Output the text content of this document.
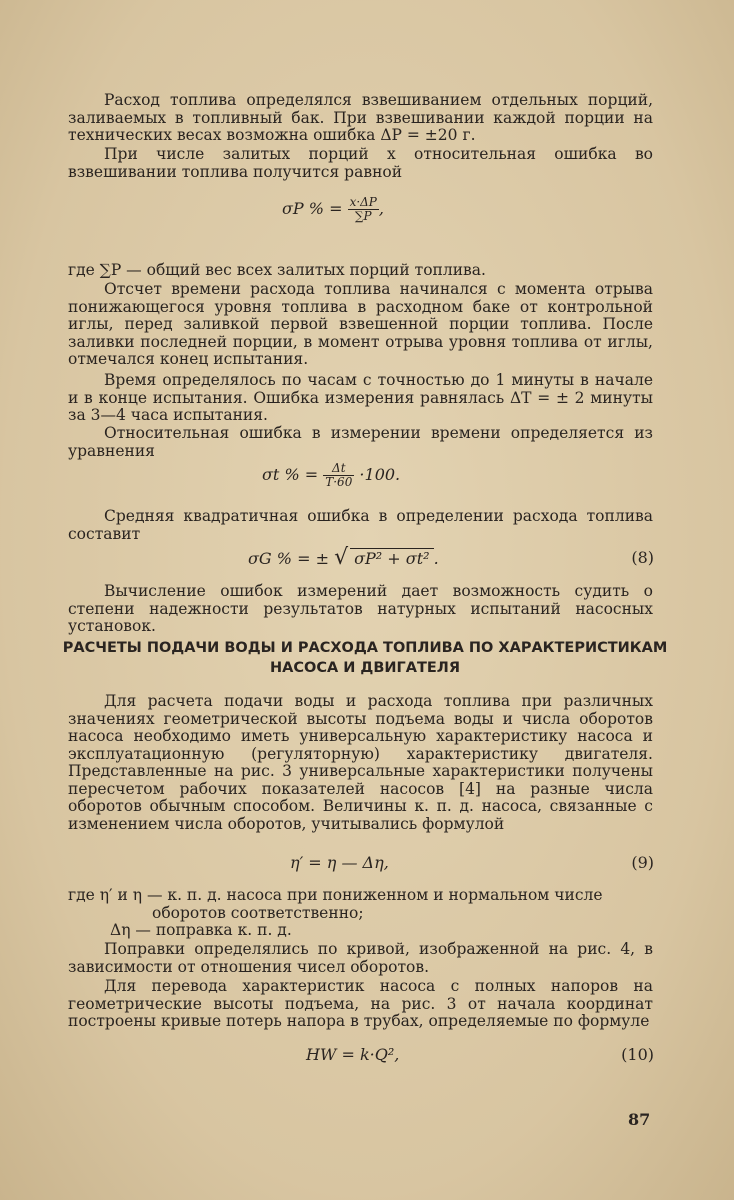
Расход топлива определялся взвешиванием отдельных порций, заливаемых в топливный бак. При взвешивании каждой порции на технических весах возможна ошибка ΔP = ±20 г.

При числе залитых порций x относительная ошибка во взвешивании топлива получится равной

σP % = $\frac{x\cdot\Delta P}{\sum P}$ ,

где ∑P — общий вес всех залитых порций топлива.

Отсчет времени расхода топлива начинался с момента отрыва понижающегося уровня топлива в расходном баке от контрольной иглы, перед заливкой первой взвешенной порции топлива. После заливки последней порции, в момент отрыва уровня топлива от иглы, отмечался конец испытания.

Время определялось по часам с точностью до 1 минуты в начале и в конце испытания. Ошибка измерения равнялась ΔT = ± 2 минуты за 3—4 часа испытания.

Относительная ошибка в измерении времени определяется из уравнения

σt % = $\frac{\Delta t}{T\cdot 60} \cdot 100$.

Средняя квадратичная ошибка в определении расхода топлива составит

σG % = ± √ σP² + σt² .	(8)

Вычисление ошибок измерений дает возможность судить о степени надежности результатов натурных испытаний насосных установок.

РАСЧЕТЫ ПОДАЧИ ВОДЫ И РАСХОДА ТОПЛИВА ПО ХАРАКТЕРИСТИКАМ НАСОСА И ДВИГАТЕЛЯ

Для расчета подачи воды и расхода топлива при различных значениях геометрической высоты подъема воды и числа оборотов насоса необходимо иметь универсальную характеристику насоса и эксплуатационную (регуляторную) характеристику двигателя. Представленные на рис. 3 универсальные характеристики получены пересчетом рабочих показателей насосов [4] на разные числа оборотов обычным способом. Величины к. п. д. насоса, связанные с изменением числа оборотов, учитывались формулой

η′ = η — Δη,	(9)

где η′ и η — к. п. д. насоса при пониженном и нормальном числе

оборотов соответственно;

Δη — поправка к. п. д.

Поправки определялись по кривой, изображенной на рис. 4, в зависимости от отношения чисел оборотов.

Для перевода характеристик насоса с полных напоров на геометрические высоты подъема, на рис. 3 от начала координат построены кривые потерь напора в трубах, определяемые по формуле

HW = k·Q²,	(10)
87
